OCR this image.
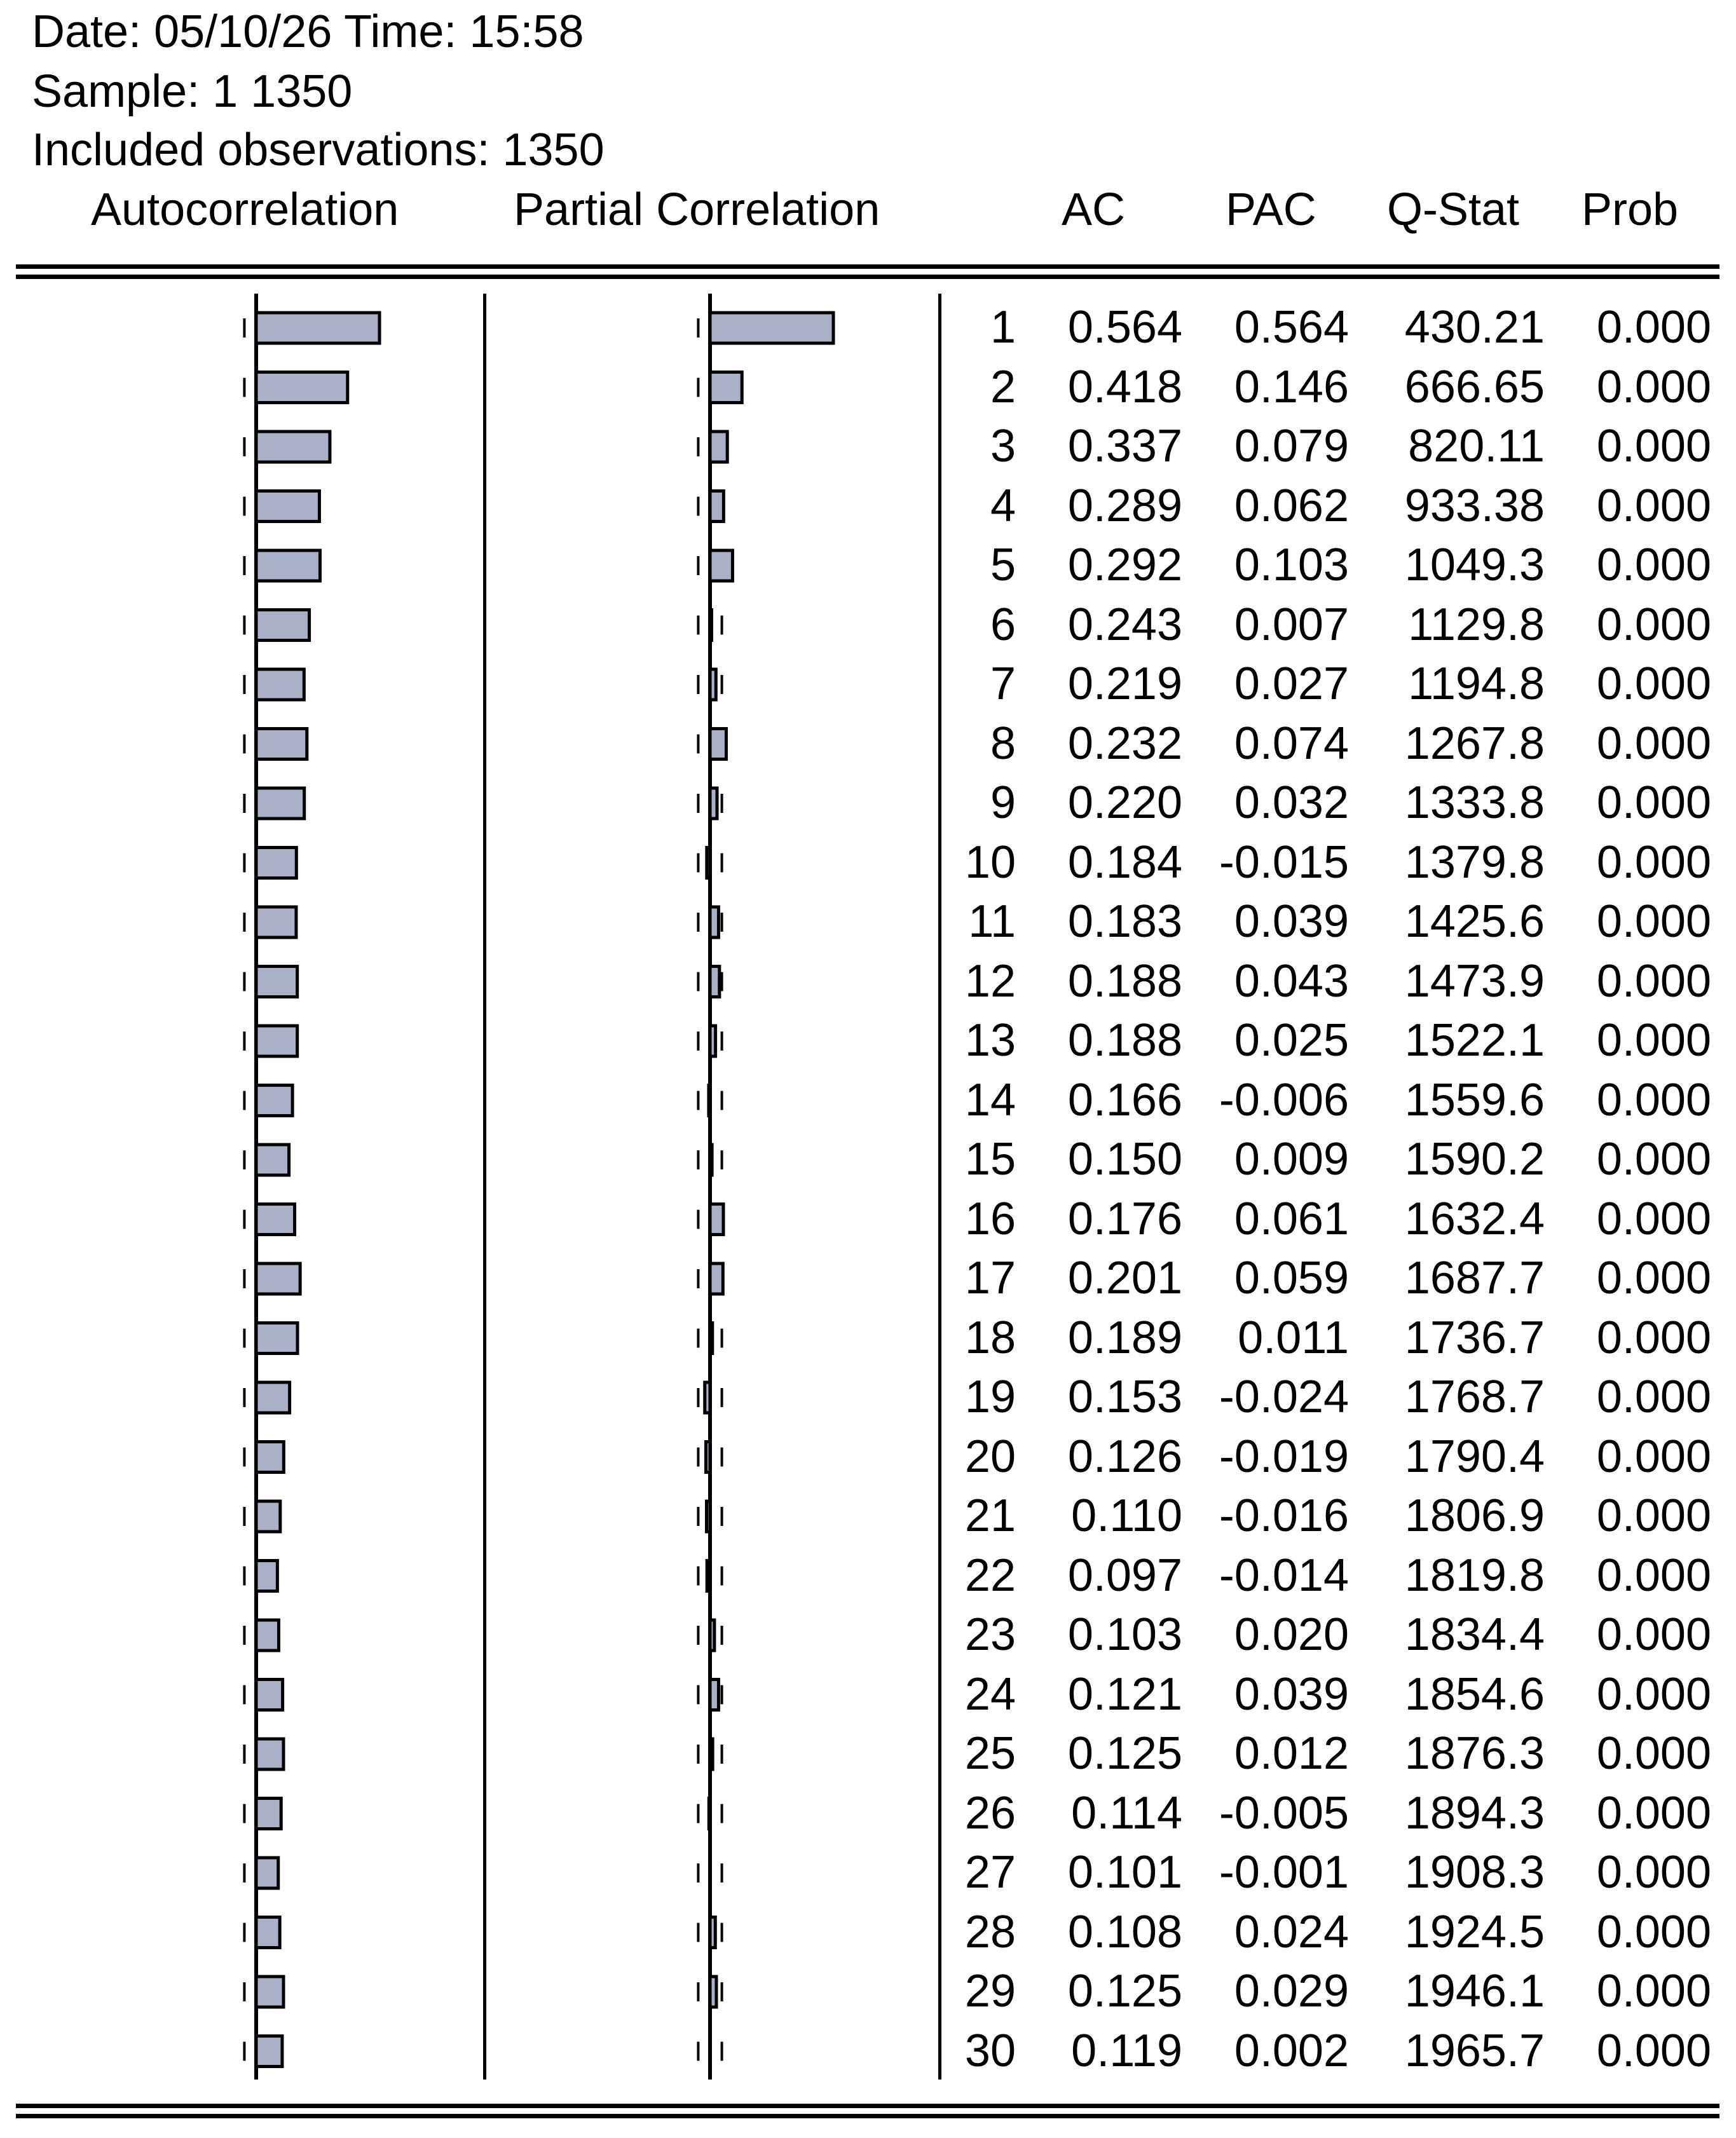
Date: 05/10/26 Time: 15:58
Sample: 1 1350
Included observations: 1350
Autocorrelation	Partial Correlation	AC PAC Q-Stat Prob
1 0.564 0.564 430.21 0.000
2 0.418 0.146 666.65 0.000
3 0.337 0.079 820.11 0.000
4 0.289 0.062 933.38 0.000
5 0.292 0.103 1049.3 0.000
6 0.243 0.007 1129.8 0.000
7 0.219 0.027 1194.8 0.000
8 0.232 0.074 1267.8 0.000
9 0.220 0.032 1333.8 0.000
10 0.184 -0.015 1379.8 0.000
11 0.183 0.039 1425.6 0.000
12 0.188 0.043 1473.9 0.000
13 0.188 0.025 1522.1 0.000
14 0.166 -0.006 1559.6 0.000
15 0.150 0.009 1590.2 0.000
16 0.176 0.061 1632.4 0.000
17 0.201 0.059 1687.7 0.000
18 0.189 0.011 1736.7 0.000
19 0.153 -0.024 1768.7 0.000
20 0.126 -0.019 1790.4 0.000
21 0.110 -0.016 1806.9 0.000
22 0.097 -0.014 1819.8 0.000
23 0.103 0.020 1834.4 0.000
24 0.121 0.039 1854.6 0.000
25 0.125 0.012 1876.3 0.000
26 0.114 -0.005 1894.3 0.000
27 0.101 -0.001 1908.3 0.000
28 0.108 0.024 1924.5 0.000
29 0.125 0.029 1946.1 0.000
30 0.119 0.002 1965.7 0.000
